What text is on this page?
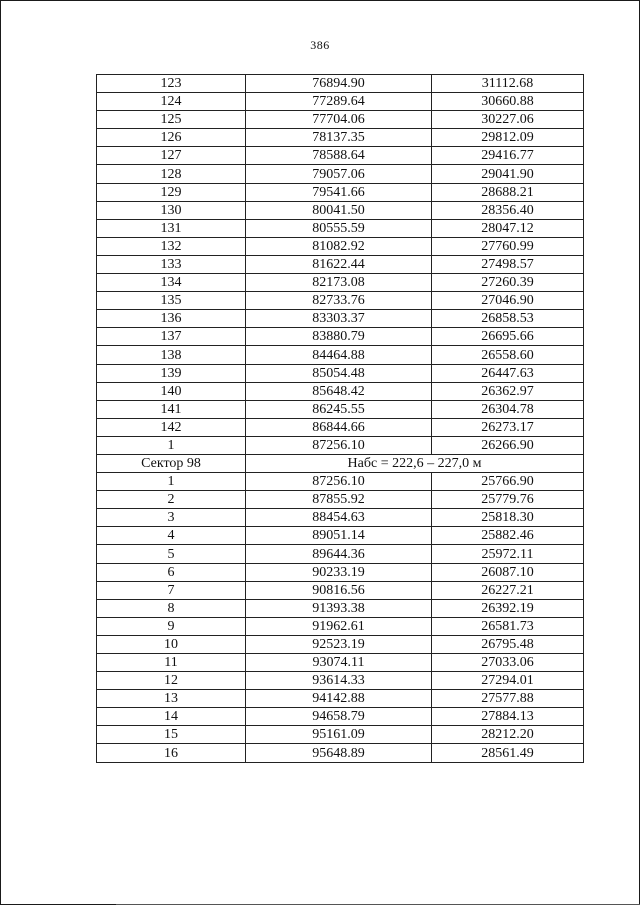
386
123	76894.90	31112.68
124	77289.64	30660.88
125	77704.06	30227.06
126	78137.35	29812.09
127	78588.64	29416.77
128	79057.06	29041.90
129	79541.66	28688.21
130	80041.50	28356.40
131	80555.59	28047.12
132	81082.92	27760.99
133	81622.44	27498.57
134	82173.08	27260.39
135	82733.76	27046.90
136	83303.37	26858.53
137	83880.79	26695.66
138	84464.88	26558.60
139	85054.48	26447.63
140	85648.42	26362.97
141	86245.55	26304.78
142	86844.66	26273.17
1	87256.10	26266.90
Сектор 98	Набс = 222,6 – 227,0 м	
1	87256.10	25766.90
2	87855.92	25779.76
3	88454.63	25818.30
4	89051.14	25882.46
5	89644.36	25972.11
6	90233.19	26087.10
7	90816.56	26227.21
8	91393.38	26392.19
9	91962.61	26581.73
10	92523.19	26795.48
11	93074.11	27033.06
12	93614.33	27294.01
13	94142.88	27577.88
14	94658.79	27884.13
15	95161.09	28212.20
16	95648.89	28561.49
